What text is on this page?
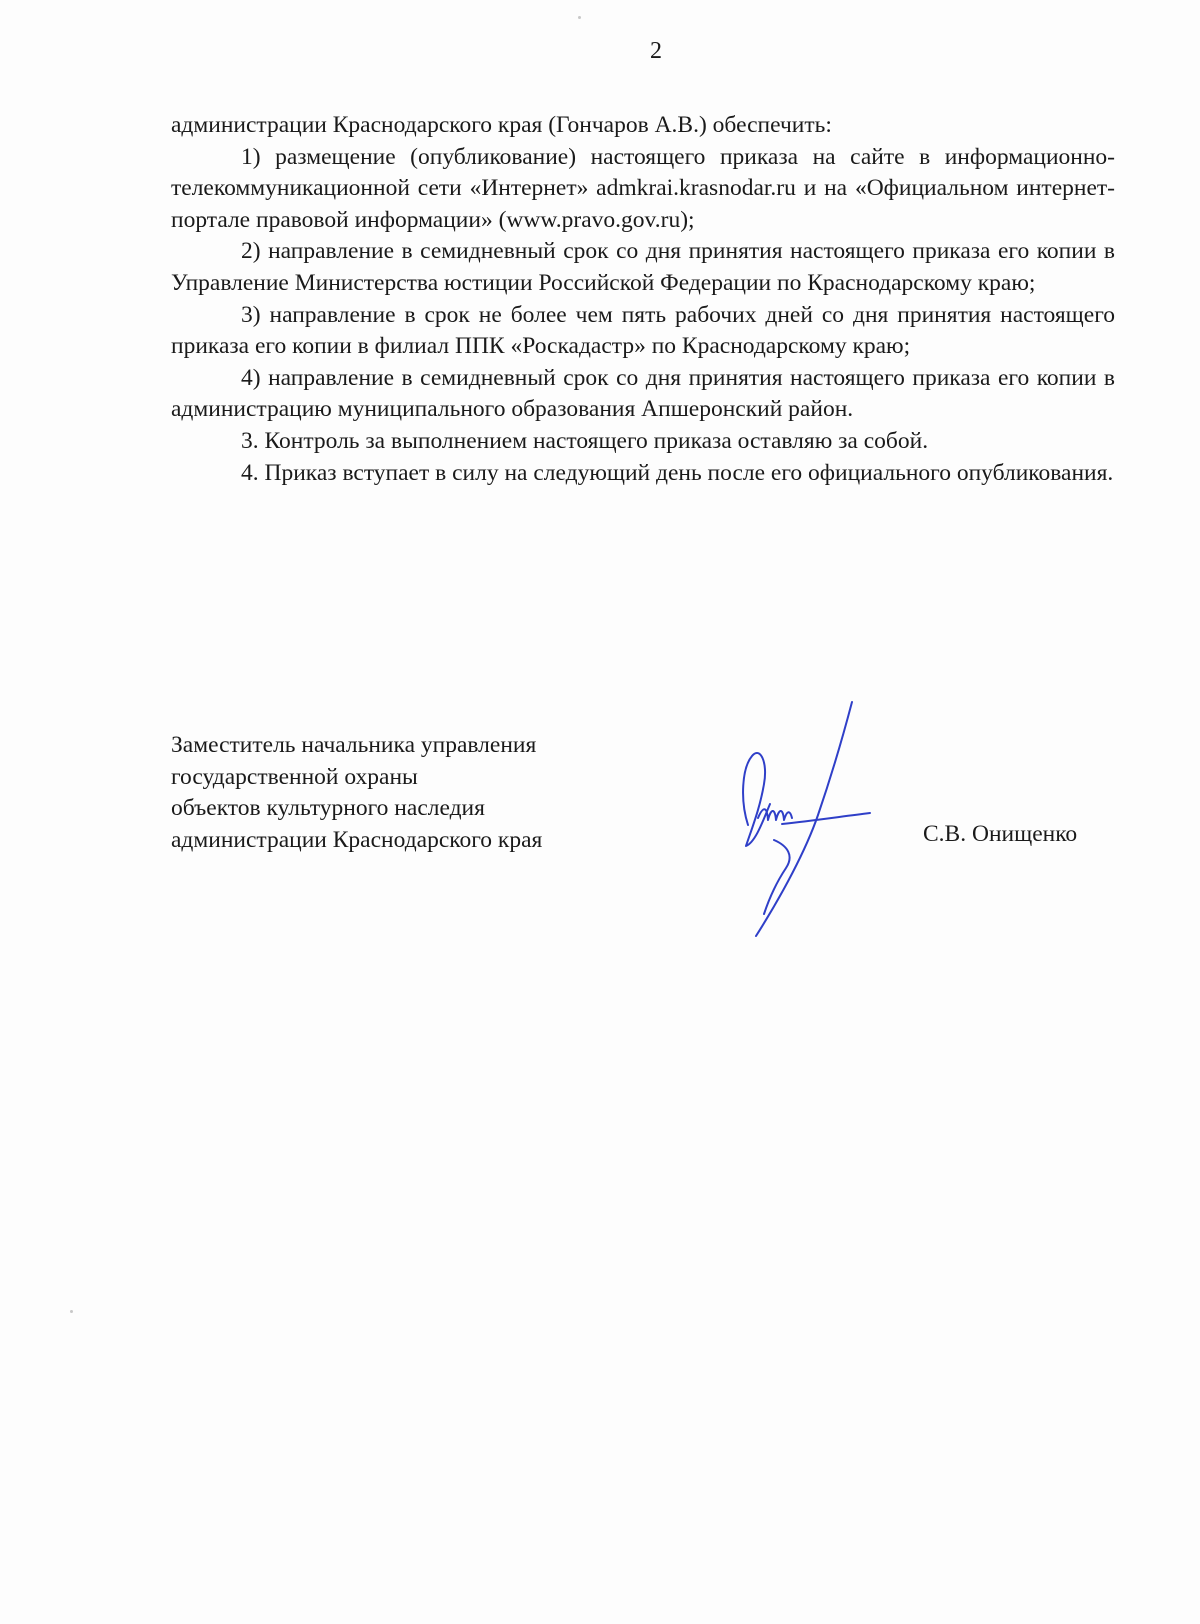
2

администрации Краснодарского края (Гончаров А.В.) обеспечить:

1) размещение (опубликование) настоящего приказа на сайте в информационно-телекоммуникационной сети «Интернет» admkrai.krasnodar.ru и на «Официальном интернет-портале правовой информации» (www.pravo.gov.ru);

2) направление в семидневный срок со дня принятия настоящего приказа его копии в Управление Министерства юстиции Российской Федерации по Краснодарскому краю;

3) направление в срок не более чем пять рабочих дней со дня принятия настоящего приказа его копии в филиал ППК «Роскадастр» по Краснодарскому краю;

4) направление в семидневный срок со дня принятия настоящего приказа его копии в администрацию муниципального образования Апшеронский район.

3. Контроль за выполнением настоящего приказа оставляю за собой.

4. Приказ вступает в силу на следующий день после его официального опубликования.

Заместитель начальника управления
государственной охраны
объектов культурного наследия
администрации Краснодарского края	С.В. Онищенко
